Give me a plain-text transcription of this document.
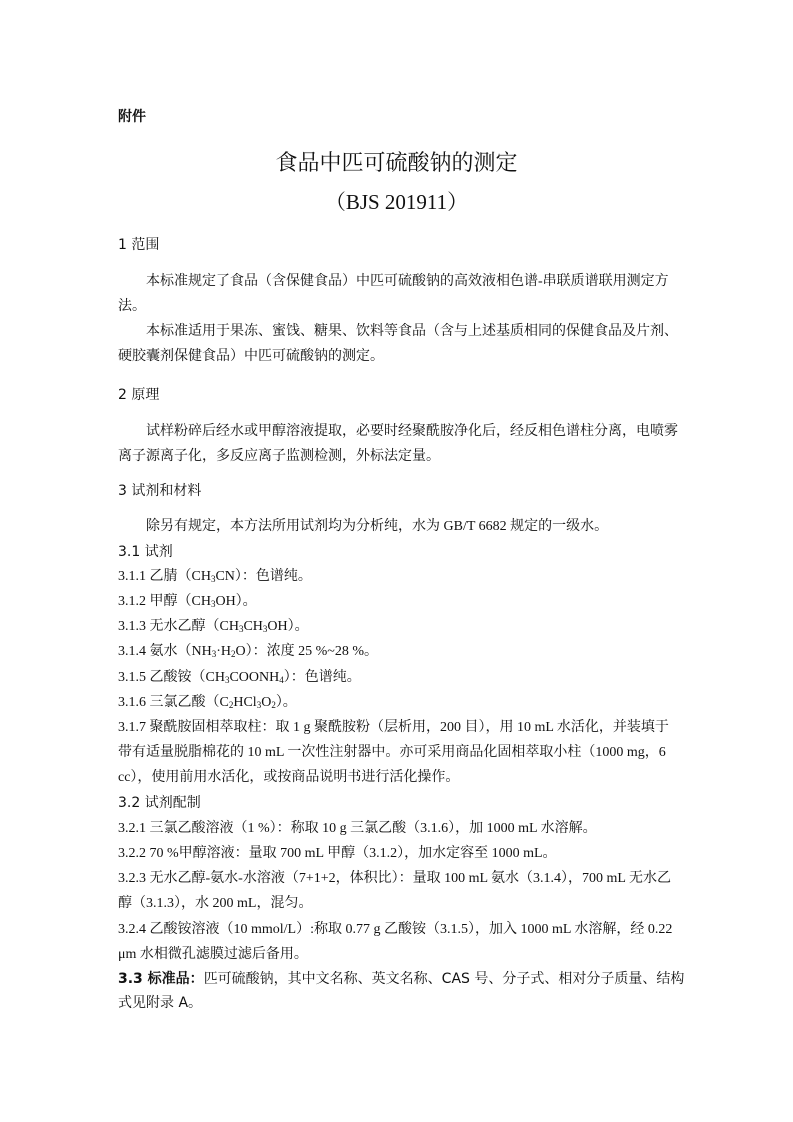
附件
食品中匹可硫酸钠的测定
（BJS 201911）
1 范围
本标准规定了食品（含保健食品）中匹可硫酸钠的高效液相色谱-串联质谱联用测定方
法。
本标准适用于果冻、蜜饯、糖果、饮料等食品（含与上述基质相同的保健食品及片剂、
硬胶囊剂保健食品）中匹可硫酸钠的测定。
2 原理
试样粉碎后经水或甲醇溶液提取，必要时经聚酰胺净化后，经反相色谱柱分离，电喷雾
离子源离子化，多反应离子监测检测，外标法定量。
3 试剂和材料
除另有规定，本方法所用试剂均为分析纯，水为 GB/T 6682 规定的一级水。
3.1 试剂
3.1.1 乙腈$(CH_3CN)$：色谱纯。
3.1.2 甲醇$(CH_3OH)$。
3.1.3 无水乙醇$(CH_3CH_3OH)$。
3.1.4 氨水$(NH_3\cdot H_2O)$：浓度 25 %~28 %。
3.1.5 乙酸铵$(CH_3COONH_4)$：色谱纯。
3.1.6 三氯乙酸$(C_2HCl_3O_2)$。
3.1.7 聚酰胺固相萃取柱：取 1 g 聚酰胺粉（层析用，200 目），用 10 mL 水活化，并装填于
带有适量脱脂棉花的 10 mL 一次性注射器中。亦可采用商品化固相萃取小柱（1000 mg，6
cc），使用前用水活化，或按商品说明书进行活化操作。
3.2 试剂配制
3.2.1 三氯乙酸溶液（1 %）：称取 10 g 三氯乙酸（3.1.6），加 1000 mL 水溶解。
3.2.2 70 %甲醇溶液：量取 700 mL 甲醇（3.1.2），加水定容至 1000 mL。
3.2.3 无水乙醇-氨水-水溶液（7+1+2，体积比）：量取 100 mL 氨水（3.1.4），700 mL 无水乙
醇（3.1.3），水 200 mL，混匀。
3.2.4 乙酸铵溶液（10 mmol/L）:称取 0.77 g 乙酸铵（3.1.5），加入 1000 mL 水溶解，经 0.22
μm 水相微孔滤膜过滤后备用。
3.3 标准品：匹可硫酸钠，其中文名称、英文名称、CAS 号、分子式、相对分子质量、结构
式见附录 A。
